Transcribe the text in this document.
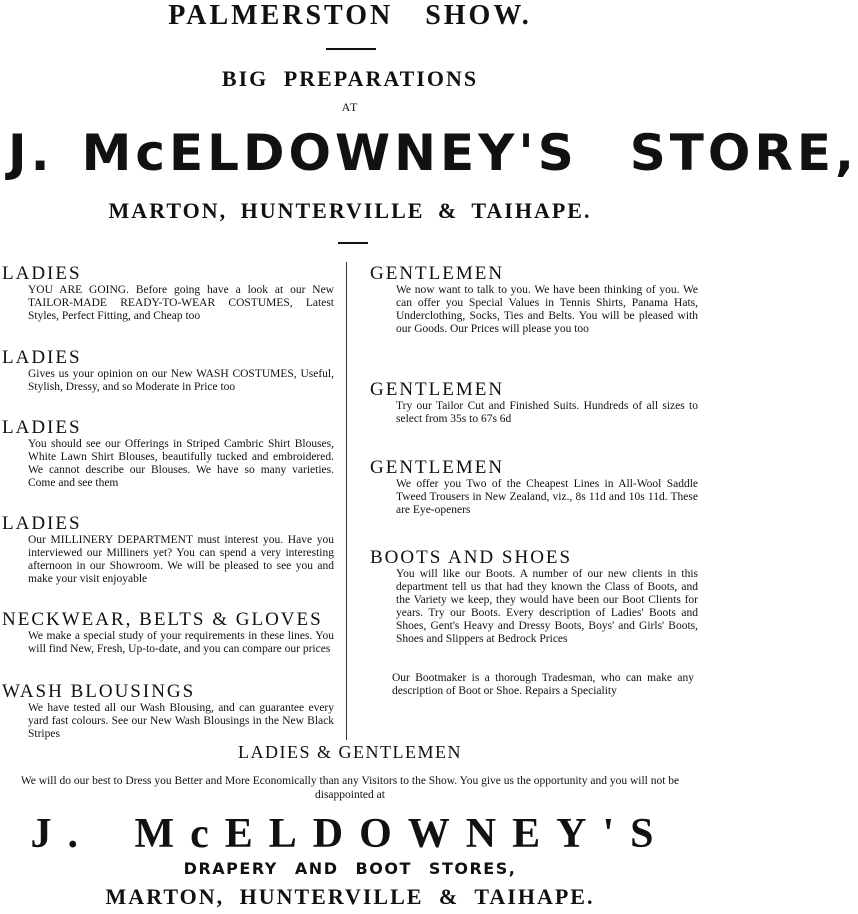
PALMERSTON SHOW.
BIG PREPARATIONS
AT
J. McELDOWNEY'S STORE,
MARTON, HUNTERVILLE & TAIHAPE.
LADIES
YOU ARE GOING. Before going have a look at our New TAILOR-MADE READY-TO-WEAR COSTUMES, Latest Styles, Perfect Fitting, and Cheap too
LADIES
Gives us your opinion on our New WASH COSTUMES, Useful, Stylish, Dressy, and so Moderate in Price too
LADIES
You should see our Offerings in Striped Cambric Shirt Blouses, White Lawn Shirt Blouses, beautifully tucked and embroidered. We cannot describe our Blouses. We have so many varieties. Come and see them
LADIES
Our MILLINERY DEPARTMENT must interest you. Have you interviewed our Milliners yet? You can spend a very interesting afternoon in our Showroom. We will be pleased to see you and make your visit enjoyable
NECKWEAR, BELTS & GLOVES
We make a special study of your requirements in these lines. You will find New, Fresh, Up-to-date, and you can compare our prices
WASH BLOUSINGS
We have tested all our Wash Blousing, and can guarantee every yard fast colours. See our New Wash Blousings in the New Black Stripes
GENTLEMEN
We now want to talk to you. We have been thinking of you. We can offer you Special Values in Tennis Shirts, Panama Hats, Underclothing, Socks, Ties and Belts. You will be pleased with our Goods. Our Prices will please you too
GENTLEMEN
Try our Tailor Cut and Finished Suits. Hundreds of all sizes to select from 35s to 67s 6d
GENTLEMEN
We offer you Two of the Cheapest Lines in All-Wool Saddle Tweed Trousers in New Zealand, viz., 8s 11d and 10s 11d. These are Eye-openers
BOOTS AND SHOES
You will like our Boots. A number of our new clients in this department tell us that had they known the Class of Boots, and the Variety we keep, they would have been our Boot Clients for years. Try our Boots. Every description of Ladies' Boots and Shoes, Gent's Heavy and Dressy Boots, Boys' and Girls' Boots, Shoes and Slippers at Bedrock Prices
Our Bootmaker is a thorough Tradesman, who can make any description of Boot or Shoe. Repairs a Speciality
LADIES & GENTLEMEN
We will do our best to Dress you Better and More Economically than any Visitors to the Show. You give us the opportunity and you will not be disappointed at
J. McELDOWNEY'S
DRAPERY AND BOOT STORES,
MARTON, HUNTERVILLE & TAIHAPE.
